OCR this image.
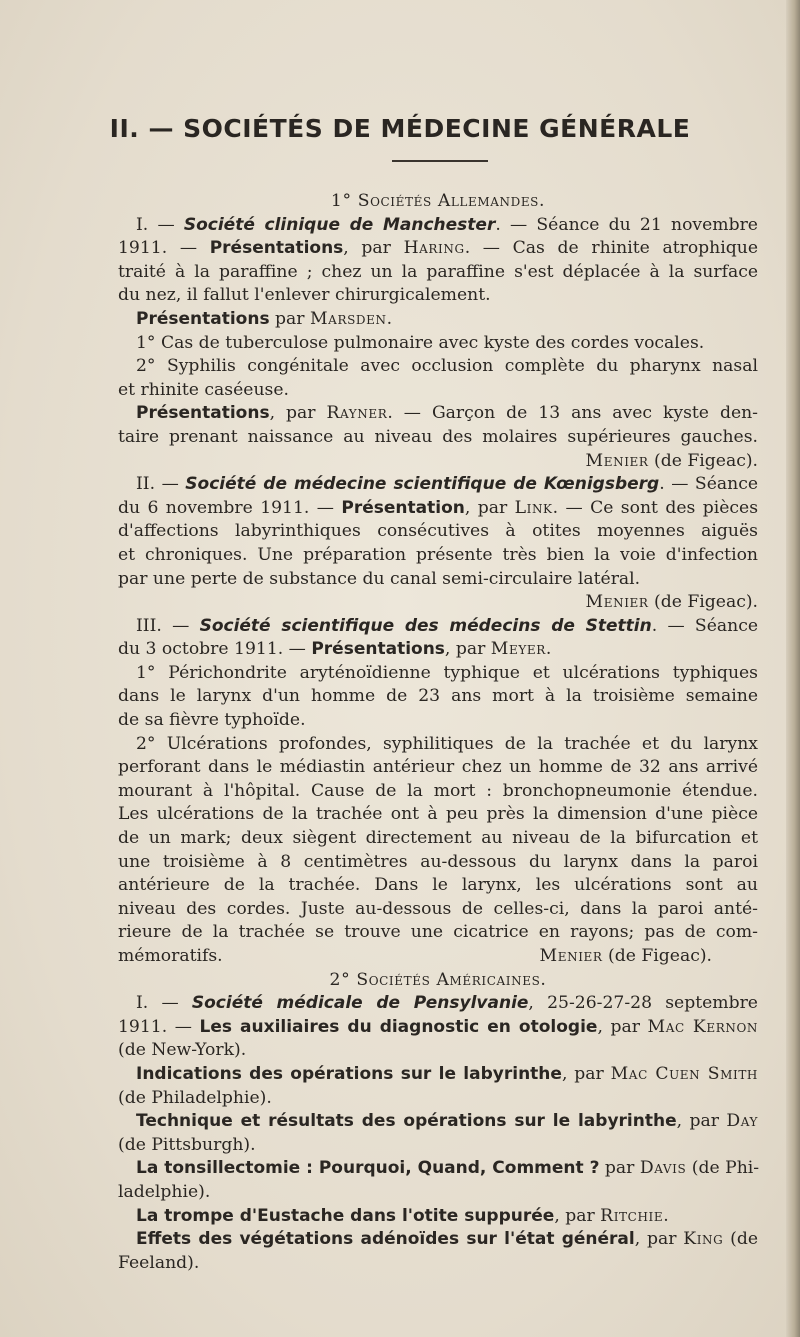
II. — SOCIÉTÉS DE MÉDECINE GÉNÉRALE
1° Sociétés Allemandes.
I. — Société clinique de Manchester. — Séance du 21 novembre
1911. — Présentations, par Haring. — Cas de rhinite atrophique
traité à la paraffine ; chez un la paraffine s'est déplacée à la surface
du nez, il fallut l'enlever chirurgicalement.
Présentations par Marsden.
1° Cas de tuberculose pulmonaire avec kyste des cordes vocales.
2° Syphilis congénitale avec occlusion complète du pharynx nasal
et rhinite caséeuse.
Présentations, par Rayner. — Garçon de 13 ans avec kyste den-
taire prenant naissance au niveau des molaires supérieures gauches.
Menier (de Figeac).
II. — Société de médecine scientifique de Kœnigsberg. — Séance
du 6 novembre 1911. — Présentation, par Link. — Ce sont des pièces
d'affections labyrinthiques consécutives à otites moyennes aiguës
et chroniques. Une préparation présente très bien la voie d'infection
par une perte de substance du canal semi-circulaire latéral.
Menier (de Figeac).
III. — Société scientifique des médecins de Stettin. — Séance
du 3 octobre 1911. — Présentations, par Meyer.
1° Périchondrite aryténoïdienne typhique et ulcérations typhiques
dans le larynx d'un homme de 23 ans mort à la troisième semaine
de sa fièvre typhoïde.
2° Ulcérations profondes, syphilitiques de la trachée et du larynx
perforant dans le médiastin antérieur chez un homme de 32 ans arrivé
mourant à l'hôpital. Cause de la mort : bronchopneumonie étendue.
Les ulcérations de la trachée ont à peu près la dimension d'une pièce
de un mark; deux siègent directement au niveau de la bifurcation et
une troisième à 8 centimètres au-dessous du larynx dans la paroi
antérieure de la trachée. Dans le larynx, les ulcérations sont au
niveau des cordes. Juste au-dessous de celles-ci, dans la paroi anté-
rieure de la trachée se trouve une cicatrice en rayons; pas de com-
mémoratifs.	Menier (de Figeac).
2° Sociétés Américaines.
I. — Société médicale de Pensylvanie, 25-26-27-28 septembre
1911. — Les auxiliaires du diagnostic en otologie, par Mac Kernon
(de New-York).
Indications des opérations sur le labyrinthe, par Mac Cuen Smith
(de Philadelphie).
Technique et résultats des opérations sur le labyrinthe, par Day
(de Pittsburgh).
La tonsillectomie : Pourquoi, Quand, Comment ? par Davis (de Phi-
ladelphie).
La trompe d'Eustache dans l'otite suppurée, par Ritchie.
Effets des végétations adénoïdes sur l'état général, par King (de
Feeland).
